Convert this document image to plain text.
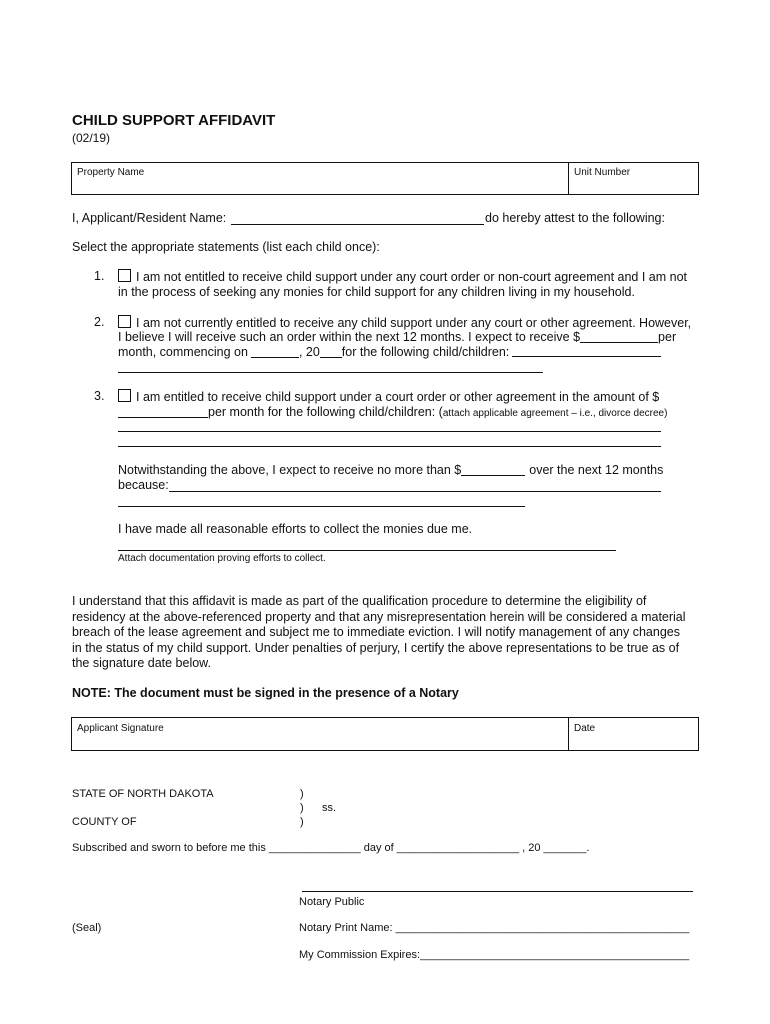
CHILD SUPPORT AFFIDAVIT
(02/19)
Property Name	Unit Number
I, Applicant/Resident Name:	do hereby attest to the following:
Select the appropriate statements (list each child once):
1.	I am not entitled to receive child support under any court order or non-court agreement and I am not
in the process of seeking any monies for child support for any children living in my household.
2.	I am not currently entitled to receive any child support under any court or other agreement. However,
I believe I will receive such an order within the next 12 months. I expect to receive $	per
month, commencing on	, 20 for the following child/children:
3.	I am entitled to receive child support under a court order or other agreement in the amount of $
per month for the following child/children: (attach applicable agreement – i.e., divorce decree)
Notwithstanding the above, I expect to receive no more than $	over the next 12 months
because:
I have made all reasonable efforts to collect the monies due me.
Attach documentation proving efforts to collect.
I understand that this affidavit is made as part of the qualification procedure to determine the eligibility of
residency at the above-referenced property and that any misrepresentation herein will be considered a material
breach of the lease agreement and subject me to immediate eviction. I will notify management of any changes
in the status of my child support. Under penalties of perjury, I certify the above representations to be true as of
the signature date below.
NOTE: The document must be signed in the presence of a Notary
Applicant Signature	Date
STATE OF NORTH DAKOTA	)
) ss.
)
COUNTY OF
Subscribed and sworn to before me this _______________ day of ____________________ , 20 _______.
Notary Public
(Seal)	Notary Print Name: ________________________________________________
My Commission Expires:____________________________________________
